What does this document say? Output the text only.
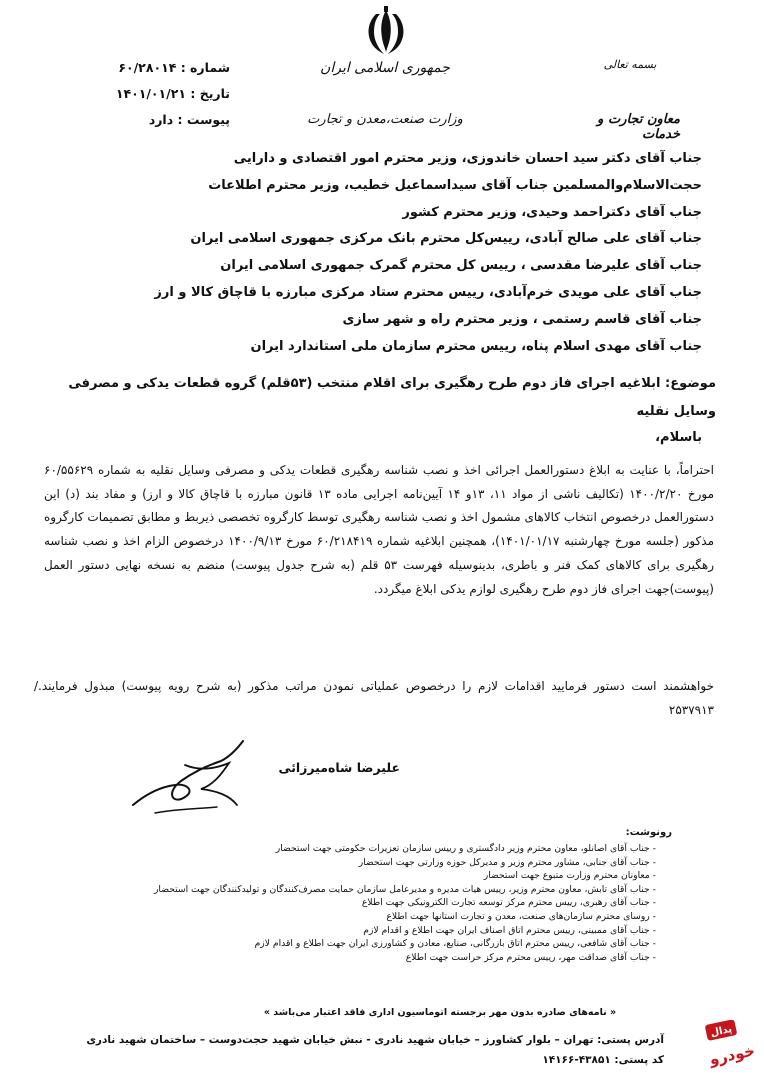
جمهوری اسلامی ایران
وزارت صنعت،معدن و تجارت
بسمه تعالی
معاون تجارت و خدمات
شماره : ۶۰/۲۸۰۱۴
تاریخ : ۱۴۰۱/۰۱/۲۱
پیوست : دارد
جناب آقای دکتر سید احسان خاندوزی، وزیر محترم امور اقتصادی و دارایی
حجت‌الاسلام‌والمسلمین جناب آقای سیداسماعیل خطیب، وزیر محترم اطلاعات
جناب آقای دکتراحمد وحیدی، وزیر محترم کشور
جناب آقای علی صالح آبادی، رییس‌کل محترم بانک مرکزی جمهوری اسلامی ایران
جناب آقای علیرضا مقدسی ، رییس کل محترم گمرک جمهوری اسلامی ایران
جناب آقای علی مویدی خرم‌آبادی، رییس محترم ستاد مرکزی مبارزه با قاچاق کالا و ارز
جناب آقای قاسم رستمی ، وزیر محترم راه و شهر سازی
جناب آقای مهدی اسلام پناه، رییس محترم سازمان ملی استاندارد ایران
موضوع: ابلاغیه اجرای فاز دوم طرح رهگیری برای اقلام منتخب (۵۳قلم) گروه قطعات یدکی و مصرفی وسایل نقلیه
باسلام،

احتراماً، با عنایت به ابلاغ دستورالعمل اجرائی اخذ و نصب شناسه رهگیری قطعات یدکی و مصرفی وسایل نقلیه به شماره ۶۰/۵۵۶۲۹ مورخ ۱۴۰۰/۲/۲۰ (تکالیف ناشی از مواد ۱۱، ۱۳و ۱۴ آیین‌نامه اجرایی ماده ۱۳ قانون مبارزه با قاچاق کالا و ارز) و مفاد بند (د) این دستورالعمل درخصوص انتخاب کالاهای مشمول اخذ و نصب شناسه رهگیری توسط کارگروه تخصصی ذیربط و مطابق تصمیمات کارگروه مذکور (جلسه مورخ چهارشنبه ۱۴۰۱/۰۱/۱۷)، همچنین ابلاغیه شماره ۶۰/۲۱۸۴۱۹ مورخ ۱۴۰۰/۹/۱۳ درخصوص الزام اخذ و نصب شناسه رهگیری برای کالاهای کمک فنر و باطری، بدینوسیله فهرست ۵۳ قلم (به شرح جدول پیوست) منضم به نسخه نهایی دستور العمل (پیوست)جهت اجرای فاز دوم طرح رهگیری لوازم یدکی ابلاغ میگردد.

خواهشمند است دستور فرمایید اقدامات لازم را درخصوص عملیاتی نمودن مراتب مذکور (به شرح رویه پیوست) مبذول فرمایند./ ۲۵۳۷۹۱۳
علیرضا شاه‌میرزائی
رونوشت:
- جناب آقای اصانلو، معاون محترم وزیر دادگستری و رییس سازمان تعزیرات حکومتی جهت استحضار
- جناب آقای جنابی، مشاور محترم وزیر و مدیرکل حوزه وزارتی جهت استحضار
- معاونان محترم وزارت متبوع جهت استحضار
- جناب آقای تابش، معاون محترم وزیر، رییس هیات مدیره و مدیرعامل سازمان حمایت مصرف‌کنندگان و تولیدکنندگان جهت استحضار
- جناب آقای رهبری، رییس محترم مرکز توسعه تجارت الکترونیکی جهت اطلاع
- روسای محترم سازمان‌های صنعت، معدن و تجارت استانها جهت اطلاع
- جناب آقای ممبینی، رییس محترم اتاق اصناف ایران جهت اطلاع و اقدام لازم
- جناب آقای شافعی، رییس محترم اتاق بازرگانی، صنایع، معادن و کشاورزی ایران جهت اطلاع و اقدام لازم
- جناب آقای صداقت مهر، رییس محترم مرکز حراست جهت اطلاع
« نامه‌های صادره بدون مهر برجسته اتوماسیون اداری فاقد اعتبار می‌باشد »
آدرس پستی: تهران – بلوار کشاورز – خیابان شهید نادری - نبش خیابان شهید حجت‌دوست – ساختمان شهید نادری
کد پستی: ۴۳۸۵۱-۱۴۱۶۶
پدال
خودرو
